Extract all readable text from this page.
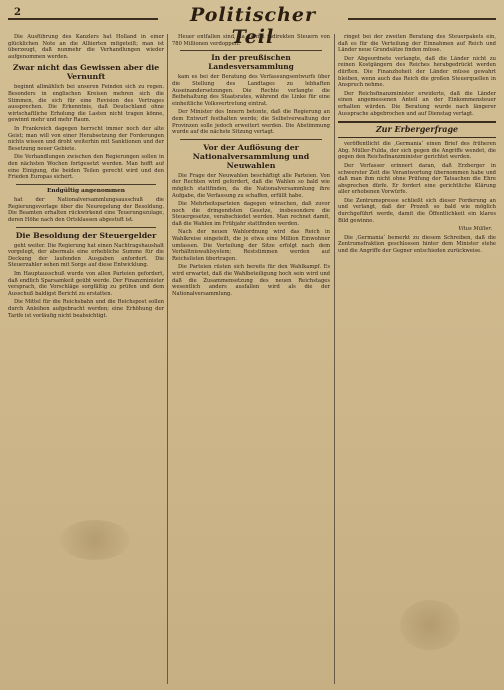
2	Politischer Teil

Die Ausführung des Kanzlers hat Holland in einer glücklichen Note an die Alliierten mitgeteilt; man ist überzeugt, daß nunmehr die Verhandlungen wieder aufgenommen werden.

Zwar nicht das Gewissen aber die Vernunft

beginnt allmählich bei unseren Feinden sich zu regen. Besonders in englischen Kreisen mehren sich die Stimmen, die sich für eine Revision des Vertrages aussprechen. Die Erkenntnis, daß Deutschland ohne wirtschaftliche Erholung die Lasten nicht tragen könne, gewinnt mehr und mehr Raum.

In Frankreich dagegen herrscht immer noch der alte Geist; man will von einer Herabsetzung der Forderungen nichts wissen und droht weiterhin mit Sanktionen und der Besetzung neuer Gebiete.

Die Verhandlungen zwischen den Regierungen sollen in den nächsten Wochen fortgesetzt werden. Man hofft auf eine Einigung, die beiden Teilen gerecht wird und den Frieden Europas sichert.

Endgültig angenommen

hat der Nationalversammlungsausschuß die Regierungsvorlage über die Neuregelung der Besoldung. Die Beamten erhalten rückwirkend eine Teuerungszulage, deren Höhe nach den Ortsklassen abgestuft ist.

Die Besoldung der Steuergelder

geht weiter. Die Regierung hat einen Nachtragshaushalt vorgelegt, der abermals eine erhebliche Summe für die Deckung der laufenden Ausgaben anfordert. Die Steuerzahler sehen mit Sorge auf diese Entwicklung.

Im Hauptausschuß wurde von allen Parteien gefordert, daß endlich Sparsamkeit geübt werde. Der Finanzminister versprach, die Vorschläge sorgfältig zu prüfen und dem Ausschuß baldigst Bericht zu erstatten.

Die Mittel für die Reichsbahn und die Reichspost sollen durch Anleihen aufgebracht werden; eine Erhöhung der Tarife ist vorläufig nicht beabsichtigt.

Heuer entfallen sind, da es mit indirekten Steuern von 780 Millionen verdoppelt.

In der preußischen Landesversammlung

kam es bei der Beratung des Verfassungsentwurfs über die Stellung des Landtages zu lebhaften Auseinandersetzungen. Die Rechte verlangte die Beibehaltung des Staatsrates, während die Linke für eine einheitliche Volksvertretung eintrat.

Der Minister des Innern betonte, daß die Regierung an dem Entwurf festhalten werde; die Selbstverwaltung der Provinzen solle jedoch erweitert werden. Die Abstimmung wurde auf die nächste Sitzung vertagt.

Vor der Auflösung der Nationalversammlung und Neuwahlen

Die Frage der Neuwahlen beschäftigt alle Parteien. Von der Rechten wird gefordert, daß die Wahlen so bald wie möglich stattfinden, da die Nationalversammlung ihre Aufgabe, die Verfassung zu schaffen, erfüllt habe.

Die Mehrheitsparteien dagegen wünschen, daß zuvor noch die dringendsten Gesetze, insbesondere die Steuergesetze, verabschiedet werden. Man rechnet damit, daß die Wahlen im Frühjahr stattfinden werden.

Nach der neuen Wahlordnung wird das Reich in Wahlkreise eingeteilt, die je etwa eine Million Einwohner umfassen. Die Verteilung der Sitze erfolgt nach dem Verhältniswahlsystem; Reststimmen werden auf Reichslisten übertragen.

Die Parteien rüsten sich bereits für den Wahlkampf. Es wird erwartet, daß die Wahlbeteiligung hoch sein wird und daß die Zusammensetzung des neuen Reichstages wesentlich anders ausfallen wird als die der Nationalversammlung.

ringet bei der zweiten Beratung des Steuerpakets ein, daß es für die Verteilung der Einnahmen auf Reich und Länder neue Grundsätze finden müsse.

Der Abgeordnete verlangte, daß die Länder nicht zu reinen Kostgängern des Reiches herabgedrückt werden dürften. Die Finanzhoheit der Länder müsse gewahrt bleiben, wenn auch das Reich die großen Steuerquellen in Anspruch nehme.

Der Reichsfinanzminister erwiderte, daß die Länder einen angemessenen Anteil an der Einkommensteuer erhalten würden. Die Beratung wurde nach längerer Aussprache abgebrochen und auf Dienstag vertagt.

Zur Erbergerfrage

veröffentlicht die ‚Germania‘ einen Brief des früheren Abg. Müller-Fulda, der sich gegen die Angriffe wendet, die gegen den Reichsfinanzminister gerichtet werden.

Der Verfasser erinnert daran, daß Erzberger in schwerster Zeit die Verantwortung übernommen habe und daß man ihm nicht ohne Prüfung der Tatsachen die Ehre absprechen dürfe. Er fordert eine gerichtliche Klärung aller erhobenen Vorwürfe.

Die Zentrumspresse schließt sich dieser Forderung an und verlangt, daß der Prozeß so bald wie möglich durchgeführt werde, damit die Öffentlichkeit ein klares Bild gewinne.

Vitus Müller.

Die ‚Germania‘ bemerkt zu diesem Schreiben, daß die Zentrumsfraktion geschlossen hinter dem Minister stehe und die Angriffe der Gegner entschieden zurückweise.
